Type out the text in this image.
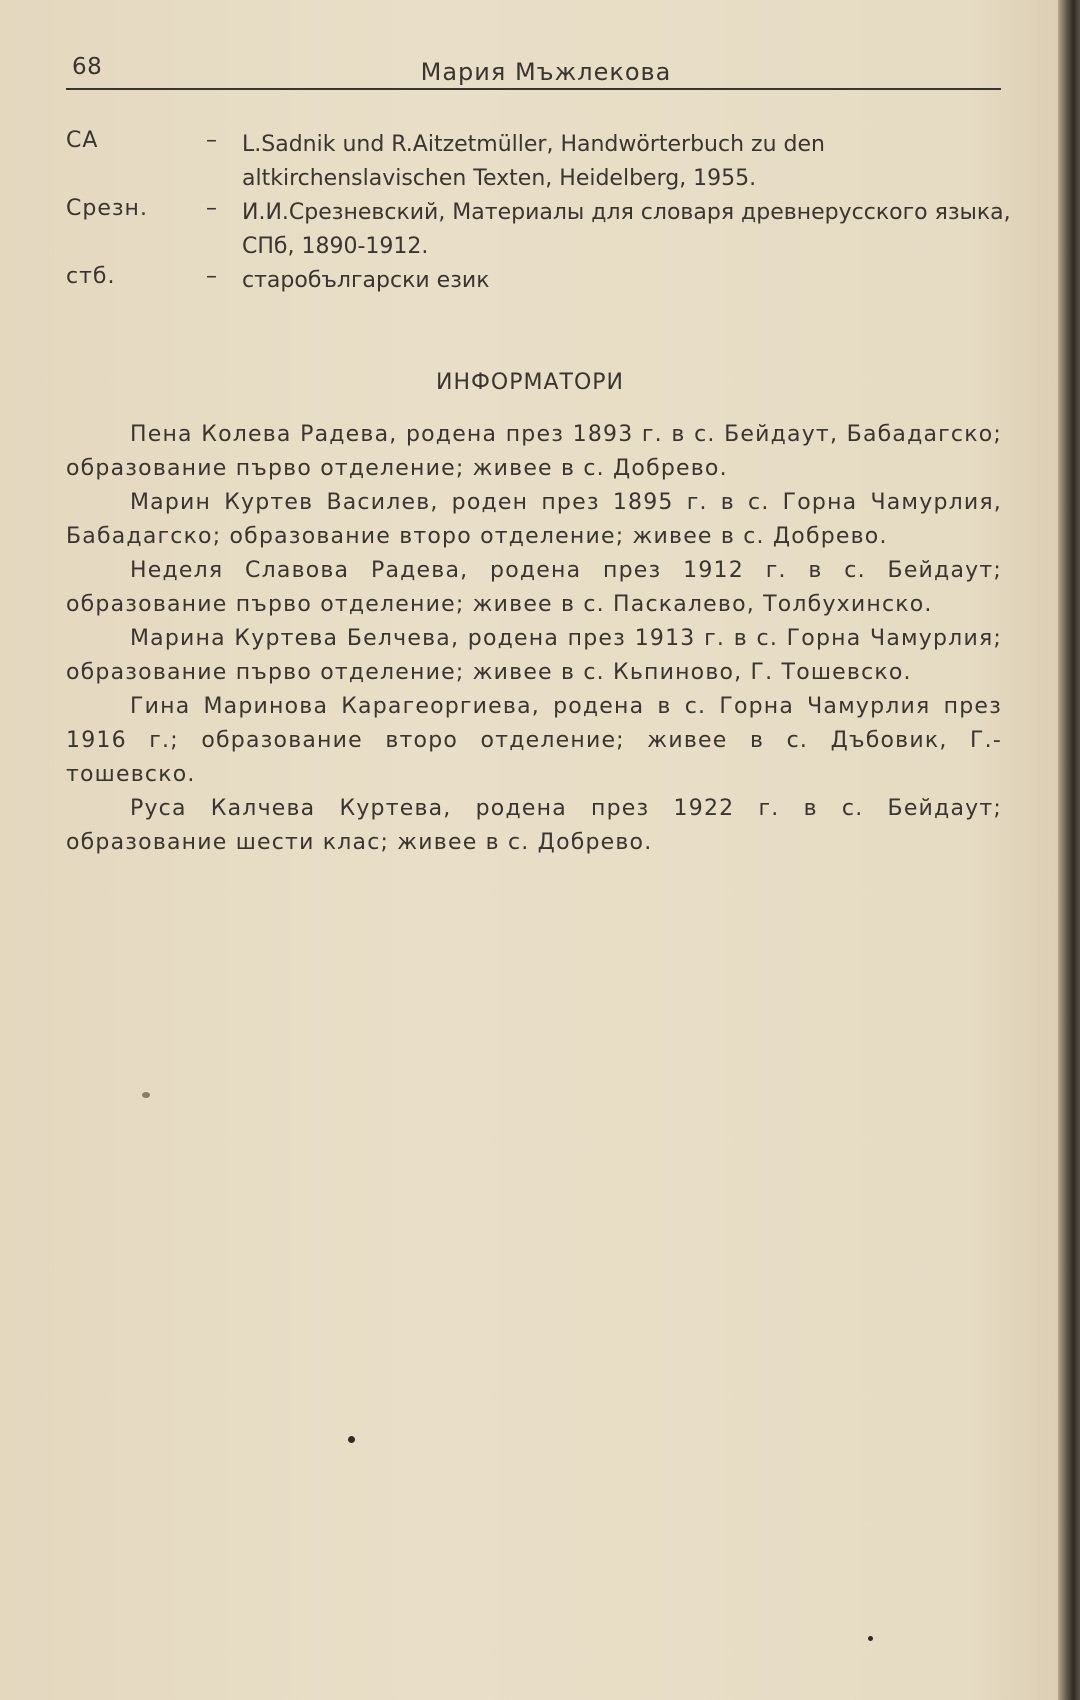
68	Мария Мъжлекова
СА	– L.Sadnik und R.Aitzetmüller, Handwörterbuch zu den altkirchenslavischen Texten, Heidelberg, 1955.
Срезн.	– И.И.Срезневский, Материалы для словаря древнерусского языка, СПб, 1890-1912.
стб.	– старобългарски език
ИНФОРМАТОРИ

Пена Колева Радева, родена през 1893 г. в с. Бейдаут, Бабадагско; образование първо отделение; живее в с. Добрево.

Марин Куртев Василев, роден през 1895 г. в с. Горна Чамурлия, Бабадагско; образование второ отделение; живее в с. Добрево.

Неделя Славова Радева, родена през 1912 г. в с. Бейдаут; образование първо отделение; живее в с. Паскалево, Толбухинско.

Марина Куртева Белчева, родена през 1913 г. в с. Горна Чамурлия; образование първо отделение; живее в с. Кьпиново, Г. Тошевско.

Гина Маринова Карагеоргиева, родена в с. Горна Чамурлия през 1916 г.; образование второ отделение; живее в с. Дъбовик, Г.-тошевско.

Руса Калчева Куртева, родена през 1922 г. в с. Бейдаут; образование шести клас; живее в с. Добрево.
